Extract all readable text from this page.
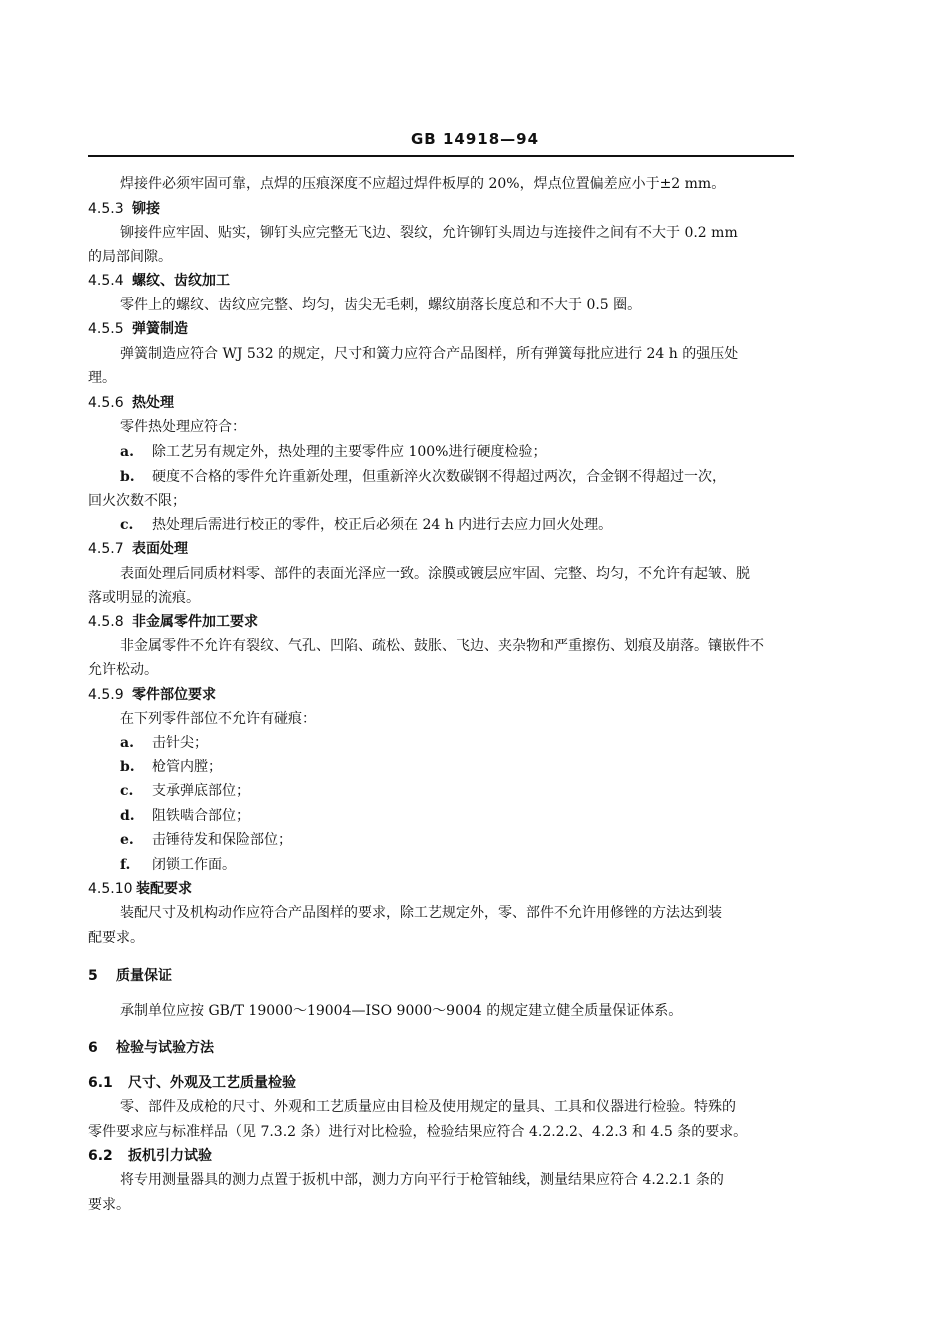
GB 14918—94
焊接件必须牢固可靠，点焊的压痕深度不应超过焊件板厚的 20%，焊点位置偏差应小于±2 mm。
4.5.3 铆接
铆接件应牢固、贴实，铆钉头应完整无飞边、裂纹，允许铆钉头周边与连接件之间有不大于 0.2 mm
的局部间隙。
4.5.4 螺纹、齿纹加工
零件上的螺纹、齿纹应完整、均匀，齿尖无毛刺，螺纹崩落长度总和不大于 0.5 圈。
4.5.5 弹簧制造
弹簧制造应符合 WJ 532 的规定，尺寸和簧力应符合产品图样，所有弹簧每批应进行 24 h 的强压处
理。
4.5.6 热处理
零件热处理应符合：
a. 除工艺另有规定外，热处理的主要零件应 100%进行硬度检验；
b. 硬度不合格的零件允许重新处理，但重新淬火次数碳钢不得超过两次，合金钢不得超过一次，
回火次数不限；
c. 热处理后需进行校正的零件，校正后必须在 24 h 内进行去应力回火处理。
4.5.7 表面处理
表面处理后同质材料零、部件的表面光泽应一致。涂膜或镀层应牢固、完整、均匀，不允许有起皱、脱
落或明显的流痕。
4.5.8 非金属零件加工要求
非金属零件不允许有裂纹、气孔、凹陷、疏松、鼓胀、飞边、夹杂物和严重擦伤、划痕及崩落。镶嵌件不
允许松动。
4.5.9 零件部位要求
在下列零件部位不允许有碰痕：
a. 击针尖；
b. 枪管内膛；
c. 支承弹底部位；
d. 阻铁啮合部位；
e. 击锤待发和保险部位；
f. 闭锁工作面。
4.5.10 装配要求
装配尺寸及机构动作应符合产品图样的要求，除工艺规定外，零、部件不允许用修锉的方法达到装
配要求。
5 质量保证
承制单位应按 GB/T 19000～19004—ISO 9000～9004 的规定建立健全质量保证体系。
6 检验与试验方法
6.1 尺寸、外观及工艺质量检验
零、部件及成枪的尺寸、外观和工艺质量应由目检及使用规定的量具、工具和仪器进行检验。特殊的
零件要求应与标准样品（见 7.3.2 条）进行对比检验，检验结果应符合 4.2.2.2、4.2.3 和 4.5 条的要求。
6.2 扳机引力试验
将专用测量器具的测力点置于扳机中部，测力方向平行于枪管轴线，测量结果应符合 4.2.2.1 条的
要求。
